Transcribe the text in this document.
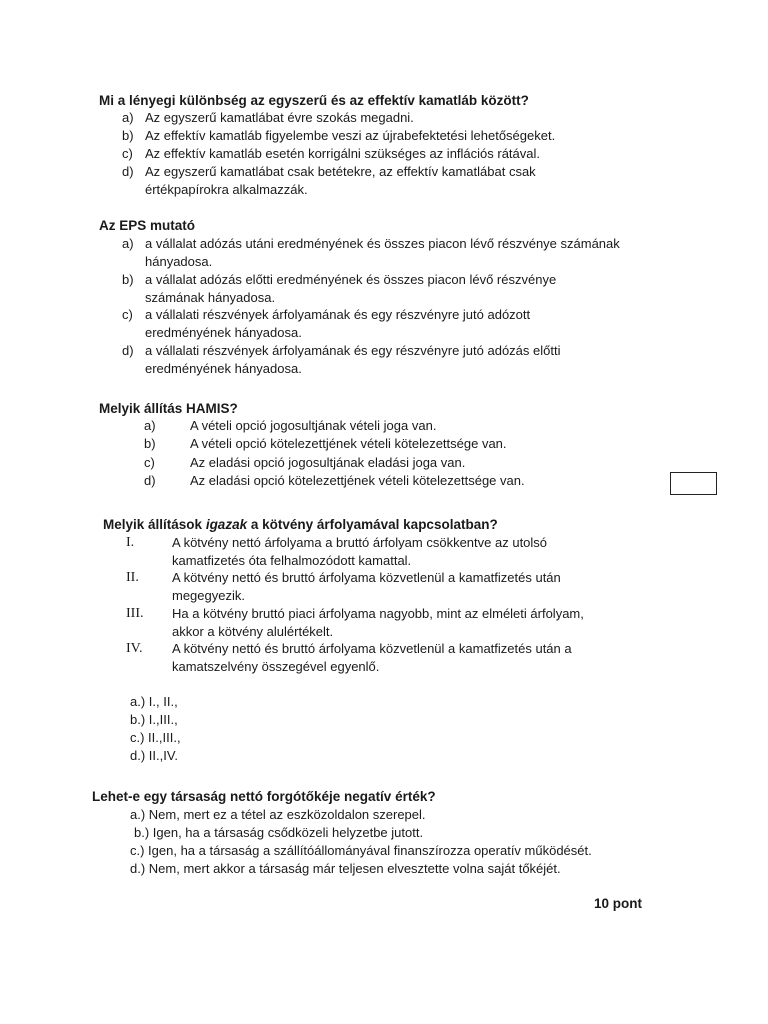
Mi a lényegi különbség az egyszerű és az effektív kamatláb között?
a) Az egyszerű kamatlábat évre szokás megadni.
b) Az effektív kamatláb figyelembe veszi az újrabefektetési lehetőségeket.
c) Az effektív kamatláb esetén korrigálni szükséges az inflációs rátával.
d) Az egyszerű kamatlábat csak betétekre, az effektív kamatlábat csak
értékpapírokra alkalmazzák.
Az EPS mutató
a) a vállalat adózás utáni eredményének és összes piacon lévő részvénye számának
hányadosa.
b) a vállalat adózás előtti eredményének és összes piacon lévő részvénye
számának hányadosa.
c) a vállalati részvények árfolyamának és egy részvényre jutó adózott
eredményének hányadosa.
d) a vállalati részvények árfolyamának és egy részvényre jutó adózás előtti
eredményének hányadosa.
Melyik állítás HAMIS?
a)	A vételi opció jogosultjának vételi joga van.
b)	A vételi opció kötelezettjének vételi kötelezettsége van.
c)	Az eladási opció jogosultjának eladási joga van.
d)	Az eladási opció kötelezettjének vételi kötelezettsége van.
Melyik állítások igazak a kötvény árfolyamával kapcsolatban?
I.	A kötvény nettó árfolyama a bruttó árfolyam csökkentve az utolsó
kamatfizetés óta felhalmozódott kamattal.
II.	A kötvény nettó és bruttó árfolyama közvetlenül a kamatfizetés után
megegyezik.
III. Ha a kötvény bruttó piaci árfolyama nagyobb, mint az elméleti árfolyam,
akkor a kötvény alulértékelt.
IV. A kötvény nettó és bruttó árfolyama közvetlenül a kamatfizetés után a
kamatszelvény összegével egyenlő.
a.) I., II.,
b.) I.,III.,
c.) II.,III.,
d.) II.,IV.
Lehet-e egy társaság nettó forgótőkéje negatív érték?
a.) Nem, mert ez a tétel az eszközoldalon szerepel.
b.) Igen, ha a társaság csődközeli helyzetbe jutott.
c.) Igen, ha a társaság a szállítóállományával finanszírozza operatív működését.
d.) Nem, mert akkor a társaság már teljesen elvesztette volna saját tőkéjét.
10 pont
